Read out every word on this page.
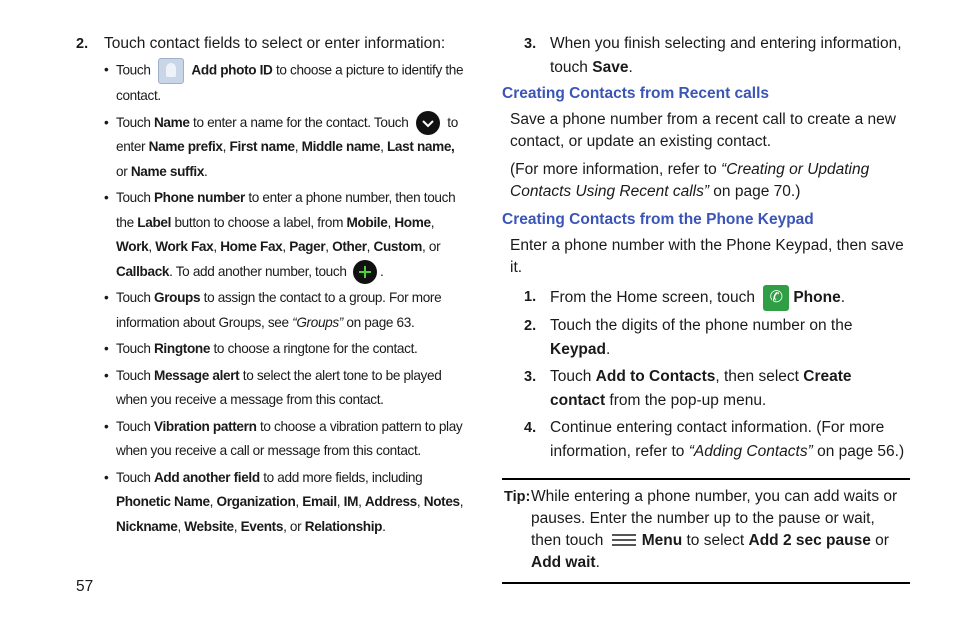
2. Touch contact fields to select or enter information:
• Touch	Add photo ID to choose a picture to identify the contact.
• Touch Name to enter a name for the contact. Touch  to enter Name prefix, First name, Middle name, Last name, or Name suffix.
• Touch Phone number to enter a phone number, then touch the Label button to choose a label, from Mobile, Home, Work, Work Fax, Home Fax, Pager, Other, Custom, or Callback. To add another number, touch .
• Touch Groups to assign the contact to a group. For more information about Groups, see “Groups” on page 63.
• Touch Ringtone to choose a ringtone for the contact.
• Touch Message alert to select the alert tone to be played when you receive a message from this contact.
• Touch Vibration pattern to choose a vibration pattern to play when you receive a call or message from this contact.
• Touch Add another field to add more fields, including Phonetic Name, Organization, Email, IM, Address, Notes, Nickname, Website, Events, or Relationship.
3. When you finish selecting and entering information, touch Save.
Creating Contacts from Recent calls
Save a phone number from a recent call to create a new contact, or update an existing contact.
(For more information, refer to “Creating or Updating Contacts Using Recent calls” on page 70.)
Creating Contacts from the Phone Keypad
Enter a phone number with the Phone Keypad, then save it.
1. From the Home screen, touch ✆ Phone.
2. Touch the digits of the phone number on the Keypad.
3. Touch Add to Contacts, then select Create contact from the pop-up menu.
4. Continue entering contact information. (For more information, refer to “Adding Contacts” on page 56.)
Tip: While entering a phone number, you can add waits or pauses. Enter the number up to the pause or wait, then touch
Menu to select Add 2 sec pause or Add wait.
57
